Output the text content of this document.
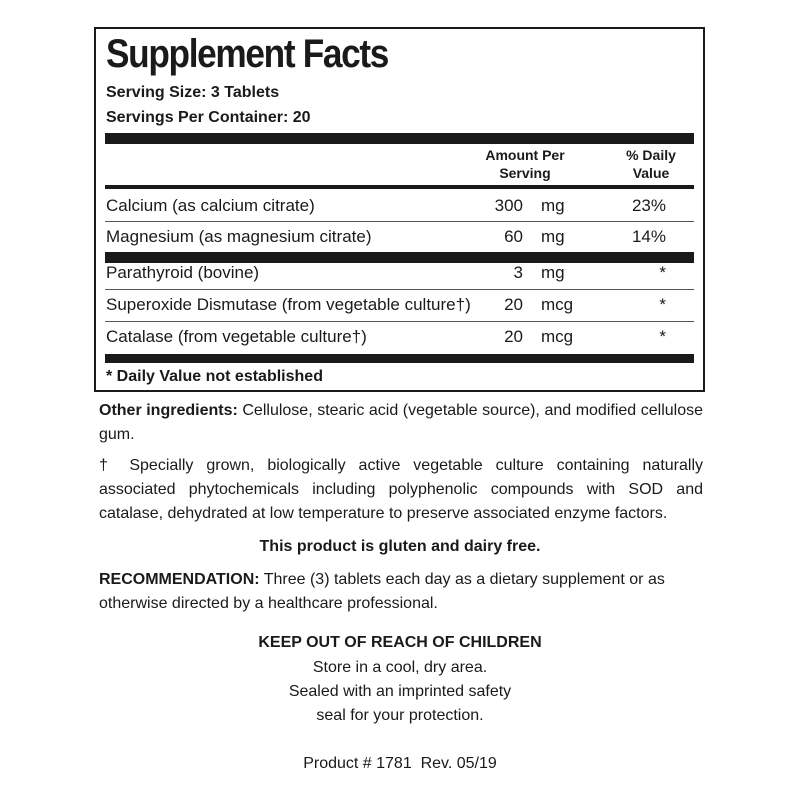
Supplement Facts
Serving Size: 3 Tablets
Servings Per Container: 20
Amount Per
Serving
% Daily
Value
Calcium (as calcium citrate)	300 mg	23%
Magnesium (as magnesium citrate)	60 mg	14%
Parathyroid (bovine)	3 mg	*
Superoxide Dismutase (from vegetable culture†) 20 mcg	*
Catalase (from vegetable culture†)	20 mcg	*
* Daily Value not established
Other ingredients: Cellulose, stearic acid (vegetable source), and modified cellulose gum.
† Specially grown, biologically active vegetable culture containing naturally associated phytochemicals including polyphenolic compounds with SOD and catalase, dehydrated at low temperature to preserve associated enzyme factors.
This product is gluten and dairy free.
RECOMMENDATION: Three (3) tablets each day as a dietary supplement or as otherwise directed by a healthcare professional.
KEEP OUT OF REACH OF CHILDREN
Store in a cool, dry area.
Sealed with an imprinted safety
seal for your protection.
Product # 1781  Rev. 05/19
